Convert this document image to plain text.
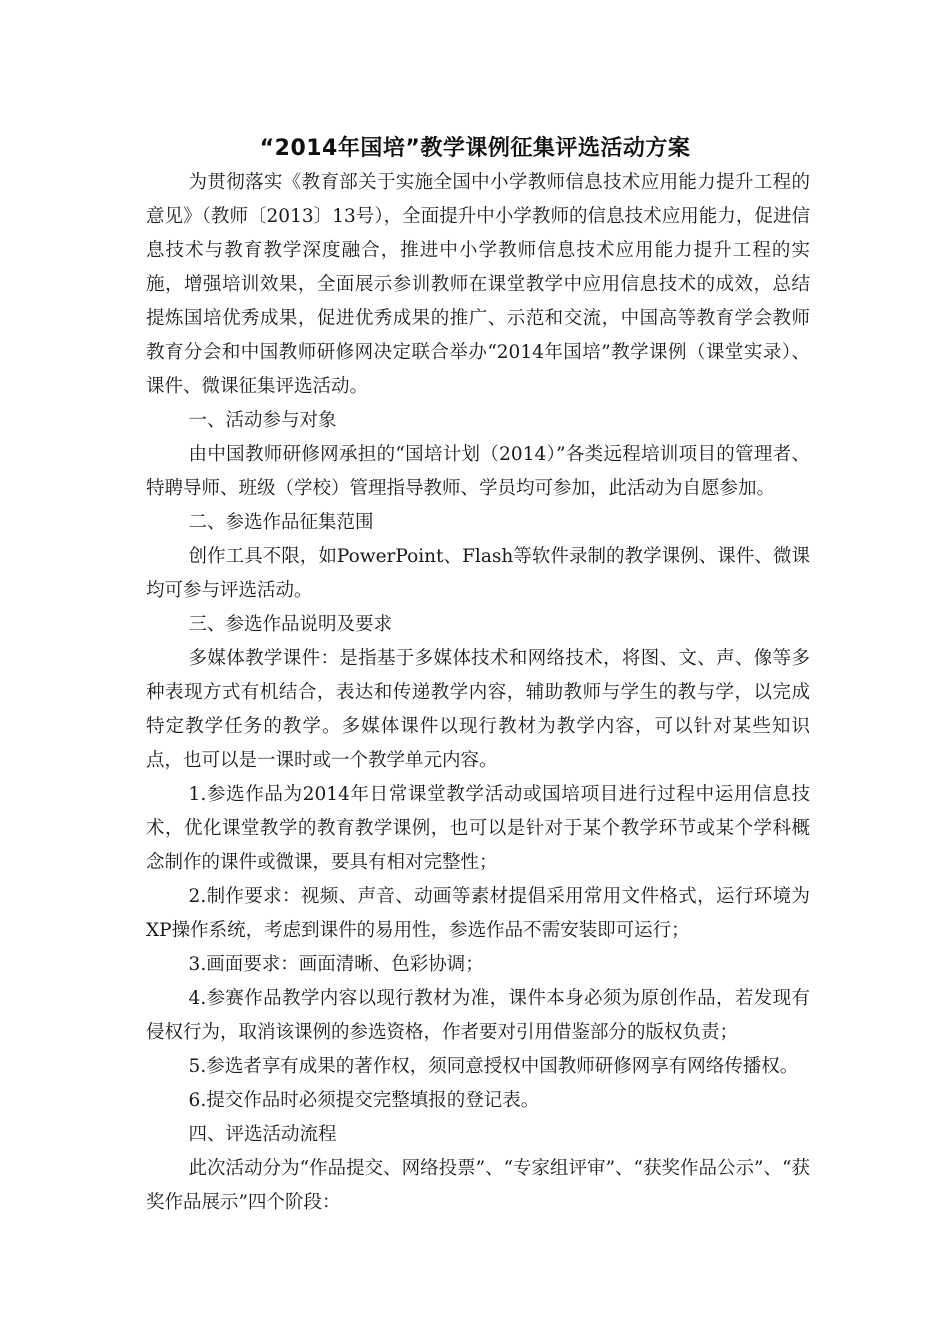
“2014年国培”教学课例征集评选活动方案

为贯彻落实《教育部关于实施全国中小学教师信息技术应用能力提升工程的意见》（教师〔2013〕13号），全面提升中小学教师的信息技术应用能力，促进信息技术与教育教学深度融合，推进中小学教师信息技术应用能力提升工程的实施，增强培训效果，全面展示参训教师在课堂教学中应用信息技术的成效，总结提炼国培优秀成果，促进优秀成果的推广、示范和交流，中国高等教育学会教师教育分会和中国教师研修网决定联合举办“2014年国培”教学课例（课堂实录）、课件、微课征集评选活动。

一、活动参与对象

由中国教师研修网承担的“国培计划（2014）”各类远程培训项目的管理者、特聘导师、班级（学校）管理指导教师、学员均可参加，此活动为自愿参加。

二、参选作品征集范围

创作工具不限，如PowerPoint、Flash等软件录制的教学课例、课件、微课均可参与评选活动。

三、参选作品说明及要求

多媒体教学课件：是指基于多媒体技术和网络技术，将图、文、声、像等多种表现方式有机结合，表达和传递教学内容，辅助教师与学生的教与学，以完成特定教学任务的教学。多媒体课件以现行教材为教学内容，可以针对某些知识点，也可以是一课时或一个教学单元内容。

1.参选作品为2014年日常课堂教学活动或国培项目进行过程中运用信息技术，优化课堂教学的教育教学课例，也可以是针对于某个教学环节或某个学科概念制作的课件或微课，要具有相对完整性；

2.制作要求：视频、声音、动画等素材提倡采用常用文件格式，运行环境为XP操作系统，考虑到课件的易用性，参选作品不需安装即可运行；

3.画面要求：画面清晰、色彩协调；

4.参赛作品教学内容以现行教材为准，课件本身必须为原创作品，若发现有侵权行为，取消该课例的参选资格，作者要对引用借鉴部分的版权负责；

5.参选者享有成果的著作权，须同意授权中国教师研修网享有网络传播权。

6.提交作品时必须提交完整填报的登记表。

四、评选活动流程

此次活动分为“作品提交、网络投票”、“专家组评审”、“获奖作品公示”、“获奖作品展示”四个阶段：
